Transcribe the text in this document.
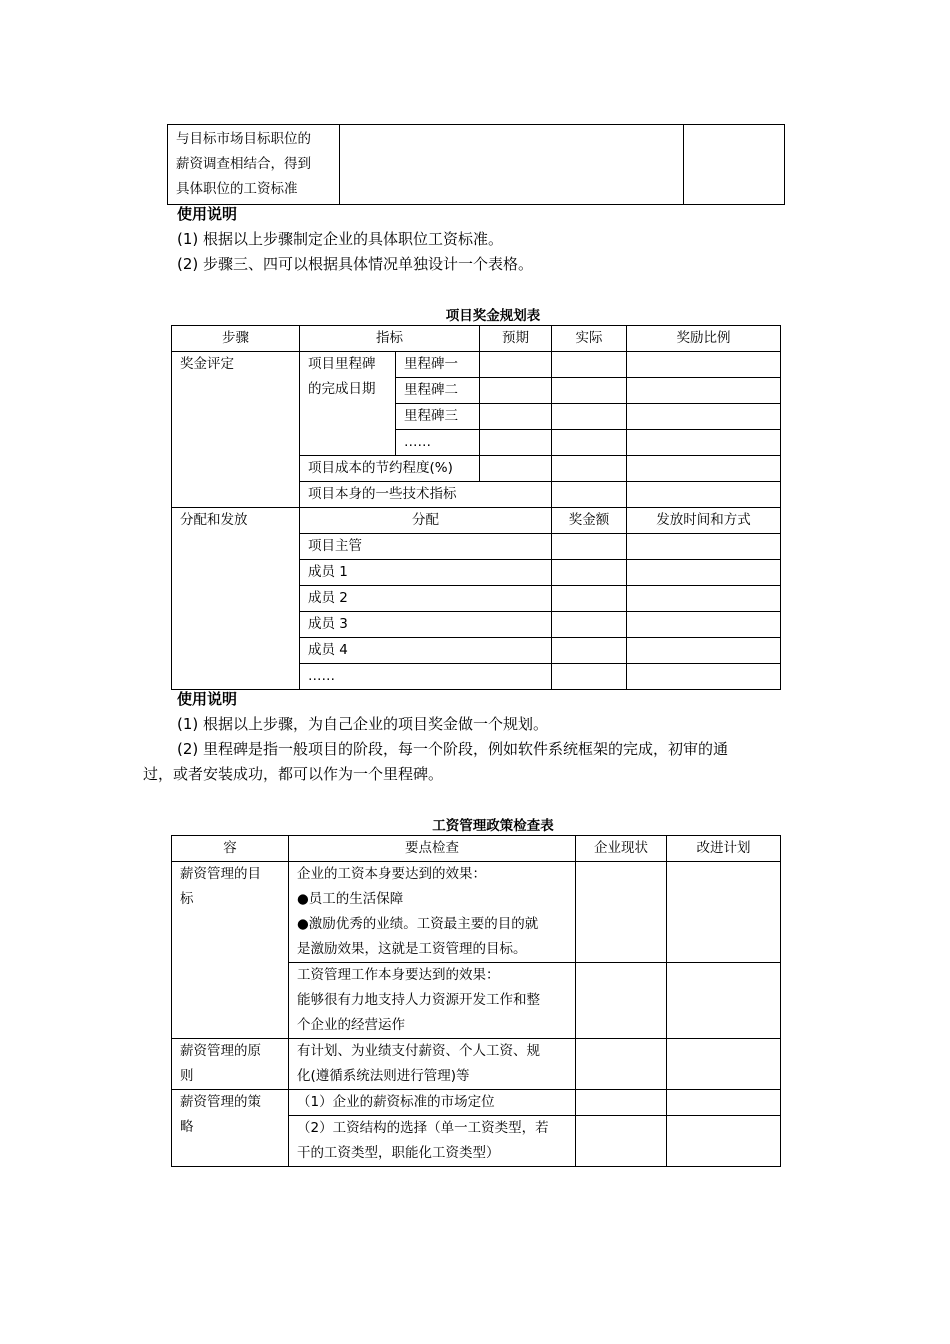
与目标市场目标职位的
薪资调查相结合，得到
具体职位的工资标准

使用说明
(1) 根据以上步骤制定企业的具体职位工资标准。
(2) 步骤三、四可以根据具体情况单独设计一个表格。
项目奖金规划表
步骤	指标		预期	实际	奖励比例
奖金评定	项目里程碑
的完成日期	里程碑一			
		里程碑二			
		里程碑三			
		……			
	项目成本的节约程度(%)				
	项目本身的一些技术指标				
分配和发放	分配			奖金额	发放时间和方式
	项目主管				
	成员 1				
	成员 2				
	成员 3				
	成员 4				
	……				
使用说明
(1) 根据以上步骤，为自己企业的项目奖金做一个规划。
(2) 里程碑是指一般项目的阶段，每一个阶段，例如软件系统框架的完成，初审的通
过，或者安装成功，都可以作为一个里程碑。
工资管理政策检查表
容	要点检查	企业现状	改进计划

薪资管理的目
标	企业的工资本身要达到的效果：
●员工的生活保障
●激励优秀的业绩。工资最主要的目的就
是激励效果，这就是工资管理的目标。		

	工资管理工作本身要达到的效果：
能够很有力地支持人力资源开发工作和整
个企业的经营运作		

薪资管理的原
则	有计划、为业绩支付薪资、个人工资、规
化(遵循系统法则进行管理)等		

薪资管理的策
略	（1）企业的薪资标准的市场定位		

	（2）工资结构的选择（单一工资类型，若
干的工资类型，职能化工资类型）		
